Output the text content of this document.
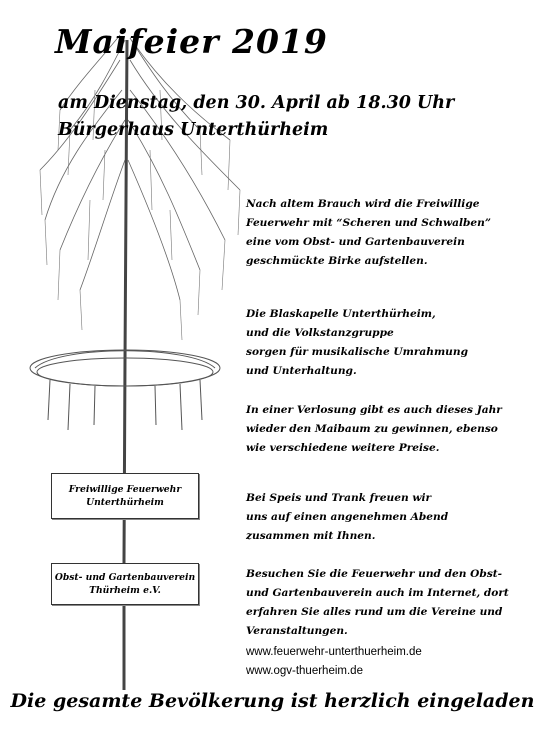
Maifeier 2019
am Dienstag, den 30. April ab 18.30 Uhr
Bürgerhaus Unterthürheim
Nach altem Brauch wird die Freiwillige
Feuerwehr mit “Scheren und Schwalben”
eine vom Obst- und Gartenbauverein
geschmückte Birke aufstellen.
Die Blaskapelle Unterthürheim,
und die Volkstanzgruppe
sorgen für musikalische Umrahmung
und Unterhaltung.
In einer Verlosung gibt es auch dieses Jahr
wieder den Maibaum zu gewinnen, ebenso
wie verschiedene weitere Preise.
Bei Speis und Trank freuen wir
uns auf einen angenehmen Abend
zusammen mit Ihnen.
Besuchen Sie die Feuerwehr und den Obst-
und Gartenbauverein auch im Internet, dort
erfahren Sie alles rund um die Vereine und
Veranstaltungen.
www.feuerwehr-unterthuerheim.de
www.ogv-thuerheim.de
Freiwillige Feuerwehr
Unterthürheim
Obst- und Gartenbauverein
Thürheim e.V.
Die gesamte Bevölkerung ist herzlich eingeladen
